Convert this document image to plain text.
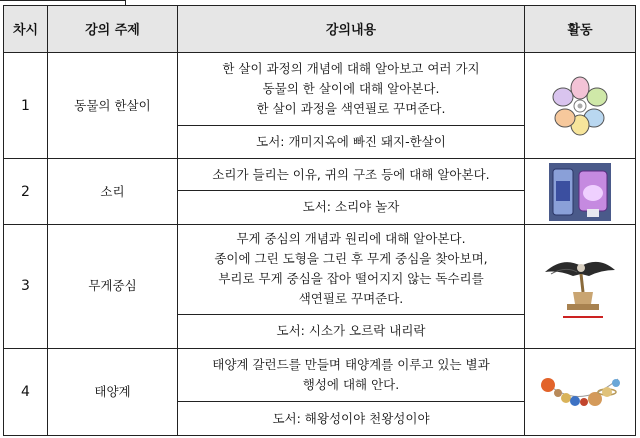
차시	강의 주제	강의내용	활동
1	동물의 한살이	한 살이 과정의 개념에 대해 알아보고 여러 가지
동물의 한 살이에 대해 알아본다.
한 살이 과정을 색연필로 꾸며준다.

		도서: 개미지옥에 빠진 돼지-한살이	
2	소리	소리가 들리는 이유, 귀의 구조 등에 대해 알아본다.

		도서: 소리야 놀자	
3	무게중심	무게 중심의 개념과 원리에 대해 알아본다.
종이에 그린 도형을 그린 후 무게 중심을 찾아보며,
부리로 무게 중심을 잡아 떨어지지 않는 독수리를
색연필로 꾸며준다.

		도서: 시소가 오르락 내리락	
4	태양계	태양계 갈런드를 만들며 태양계를 이루고 있는 별과
행성에 대해 안다.

		도서: 해왕성이야 천왕성이야	
